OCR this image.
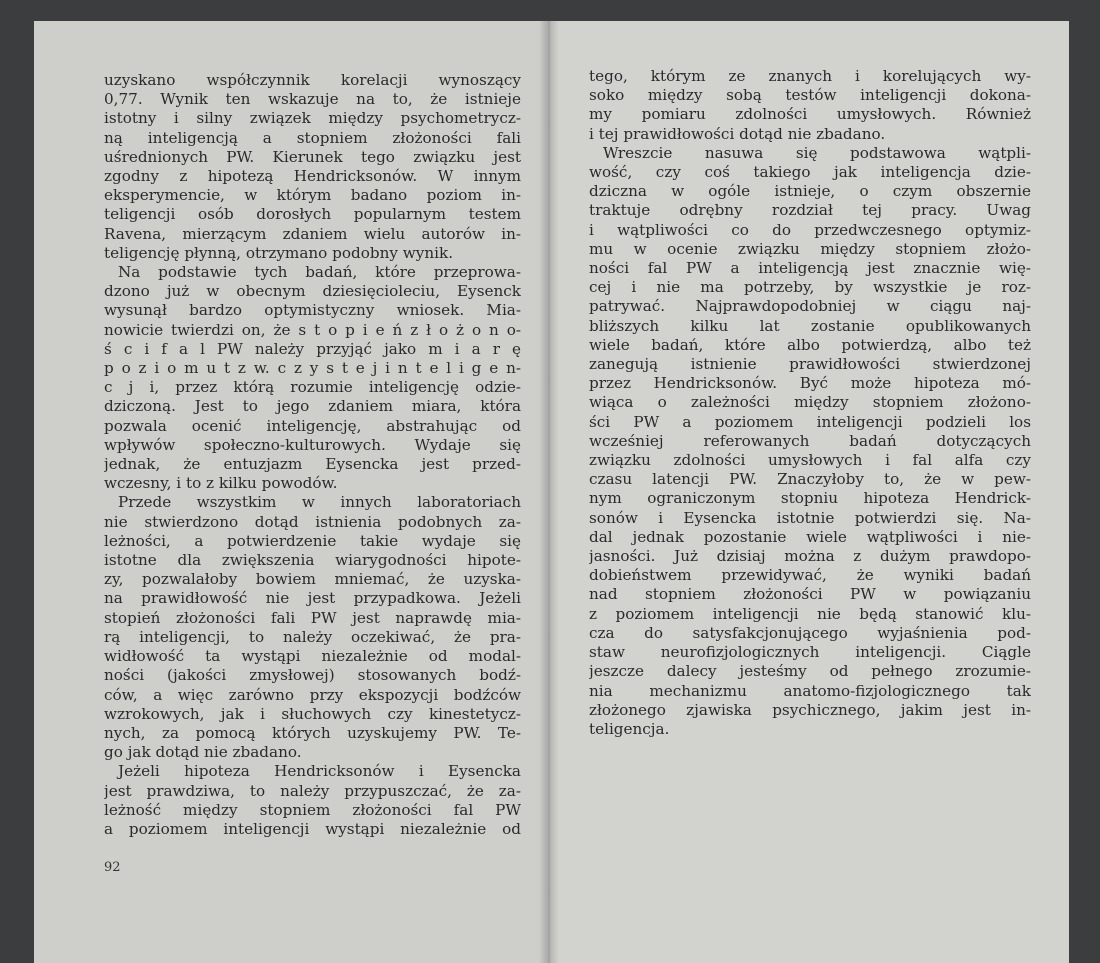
uzyskano współczynnik korelacji wynoszący
0,77. Wynik ten wskazuje na to, że istnieje
istotny i silny związek między psychometrycz-
ną inteligencją a stopniem złożoności fali
uśrednionych PW. Kierunek tego związku jest
zgodny z hipotezą Hendricksonów. W innym
eksperymencie, w którym badano poziom in-
teligencji osób dorosłych popularnym testem
Ravena, mierzącym zdaniem wielu autorów in-
teligencję płynną, otrzymano podobny wynik.
Na podstawie tych badań, które przeprowa-
dzono już w obecnym dziesięcioleciu, Eysenck
wysunął bardzo optymistyczny wniosek. Mia-
nowicie twierdzi on, że s t o p i e ń z ł o ż o n o-
ś c i f a l PW należy przyjąć jako m i a r ę
p o z i o m u t z w. c z y s t e j i n t e l i g e n-
c j i, przez którą rozumie inteligencję odzie-
dziczoną. Jest to jego zdaniem miara, która
pozwala ocenić inteligencję, abstrahując od
wpływów społeczno-kulturowych. Wydaje się
jednak, że entuzjazm Eysencka jest przed-
wczesny, i to z kilku powodów.
Przede wszystkim w innych laboratoriach
nie stwierdzono dotąd istnienia podobnych za-
leżności, a potwierdzenie takie wydaje się
istotne dla zwiększenia wiarygodności hipote-
zy, pozwalałoby bowiem mniemać, że uzyska-
na prawidłowość nie jest przypadkowa. Jeżeli
stopień złożoności fali PW jest naprawdę mia-
rą inteligencji, to należy oczekiwać, że pra-
widłowość ta wystąpi niezależnie od modal-
ności (jakości zmysłowej) stosowanych bodź-
ców, a więc zarówno przy ekspozycji bodźców
wzrokowych, jak i słuchowych czy kinestetycz-
nych, za pomocą których uzyskujemy PW. Te-
go jak dotąd nie zbadano.
Jeżeli hipoteza Hendricksonów i Eysencka
jest prawdziwa, to należy przypuszczać, że za-
leżność między stopniem złożoności fal PW
a poziomem inteligencji wystąpi niezależnie od
92
tego, którym ze znanych i korelujących wy-
soko między sobą testów inteligencji dokona-
my pomiaru zdolności umysłowych. Również
i tej prawidłowości dotąd nie zbadano.
Wreszcie nasuwa się podstawowa wątpli-
wość, czy coś takiego jak inteligencja dzie-
dziczna w ogóle istnieje, o czym obszernie
traktuje odrębny rozdział tej pracy. Uwag
i wątpliwości co do przedwczesnego optymiz-
mu w ocenie związku między stopniem złożo-
ności fal PW a inteligencją jest znacznie wię-
cej i nie ma potrzeby, by wszystkie je roz-
patrywać. Najprawdopodobniej w ciągu naj-
bliższych kilku lat zostanie opublikowanych
wiele badań, które albo potwierdzą, albo też
zanegują istnienie prawidłowości stwierdzonej
przez Hendricksonów. Być może hipoteza mó-
wiąca o zależności między stopniem złożono-
ści PW a poziomem inteligencji podzieli los
wcześniej referowanych badań dotyczących
związku zdolności umysłowych i fal alfa czy
czasu latencji PW. Znaczyłoby to, że w pew-
nym ograniczonym stopniu hipoteza Hendrick-
sonów i Eysencka istotnie potwierdzi się. Na-
dal jednak pozostanie wiele wątpliwości i nie-
jasności. Już dzisiaj można z dużym prawdopo-
dobieństwem przewidywać, że wyniki badań
nad stopniem złożoności PW w powiązaniu
z poziomem inteligencji nie będą stanowić klu-
cza do satysfakcjonującego wyjaśnienia pod-
staw neurofizjologicznych inteligencji. Ciągle
jeszcze dalecy jesteśmy od pełnego zrozumie-
nia mechanizmu anatomo-fizjologicznego tak
złożonego zjawiska psychicznego, jakim jest in-
teligencja.
